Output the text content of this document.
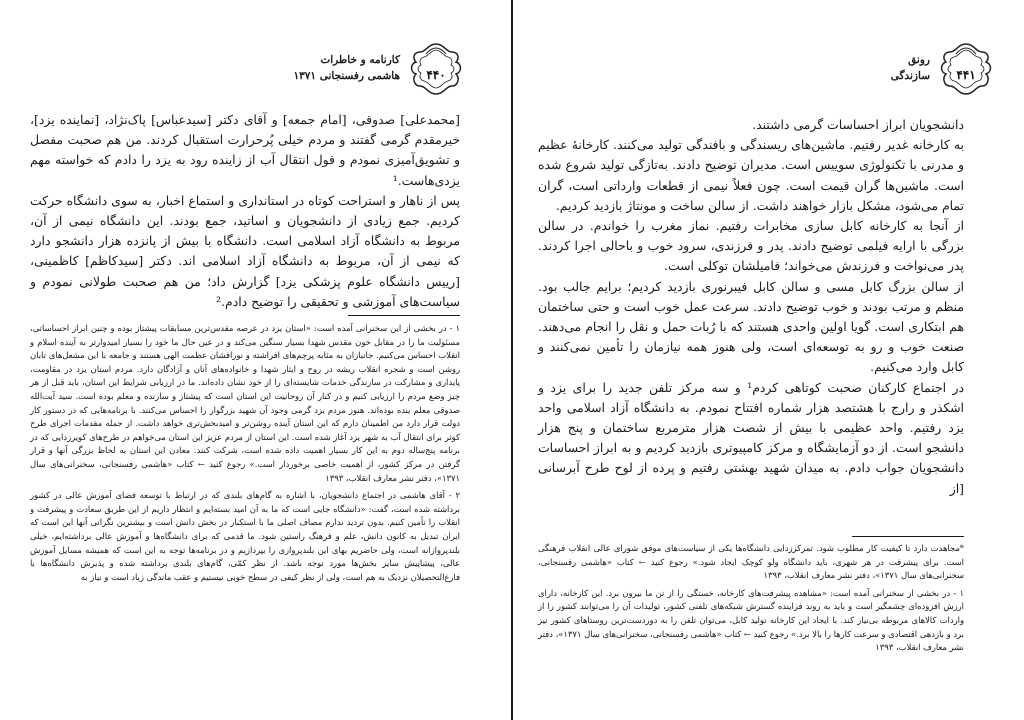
۴۴۰
کارنامه و خاطرات
هاشمی رفسنجانی ۱۳۷۱

[محمدعلی] صدوقی، [امام جمعه] و آقای دکتر [سیدعباس] پاک‌نژاد، [نماینده یزد]، خیرمقدم گرمی گفتند و مردم خیلی پُرحرارت استقبال کردند. من هم صحبت مفصل و تشویق‌آمیزی نمودم و قول انتقال آب از زاینده رود به یزد را دادم که خواسته مهم یزدی‌هاست.¹

پس از ناهار و استراحت کوتاه در استانداری و استماع اخبار، به سوی دانشگاه حرکت کردیم. جمع زیادی از دانشجویان و اساتید، جمع بودند. این دانشگاه نیمی از آن، مربوط به دانشگاه آزاد اسلامی است. دانشگاه با بیش از پانزده هزار دانشجو دارد که نیمی از آن، مربوط به دانشگاه آزاد اسلامی اند. دکتر [سیدکاظم] کاظمینی، [رییس دانشگاه علوم پزشکی یزد] گزارش داد؛ من هم صحبت طولانی نمودم و سیاست‌های آموزشی و تحقیقی را توضیح دادم.²

۱ - در بخشی از این سخنرانی آمده است: «استان یزد در عرصه مقدس‌ترین مسابقات پیشتاز بوده و چنین ابراز احساساتی، مسئولیت ما را در مقابل خون مقدس شهدا بسیار سنگین می‌کند و در عین حال ما خود را بسیار امیدوارتر به آینده اسلام و انقلاب احساس می‌کنیم. جانبازان به مثابه پرچم‌های افراشته و نورافشان عظمت الهی هستند و جامعه با این مشعل‌های تابان روشن است و شجره انقلاب ریشه در روح و ایثار شهدا و خانواده‌های آنان و آزادگان دارد. مردم استان یزد در مقاومت، پایداری و مشارکت در سازندگی خدمات شایسته‌ای را از خود نشان داده‌اند. ما در ارزیابی شرایط این استان، باید قبل از هر چیز وضع مردم را ارزیابی کنیم و در کنار آن روحانیت این استان است که پیشتاز و سازنده و معلم بوده است. سید آیت‌الله صدوقی معلم بنده بوده‌اند. هنوز مردم یزد گرمی وجود آن شهید بزرگوار را احساس می‌کنند. با برنامه‌هایی که در دستور کار دولت قرار دارد من اطمینان دارم که این استان آینده روشن‌تر و امیدبخش‌تری خواهد داشت. از جمله مقدمات اجرای طرح کوثر برای انتقال آب به شهر یزد آغاز شده است. این استان از مردم عزیز این استان می‌خواهم در طرح‌های کویرزدایی که در برنامه پنج‌ساله دوم به این کار بسیار اهمیت داده شده است، شرکت کنند. معادن این استان به لحاظ بزرگی آنها و قرار گرفتن در مرکز کشور، از اهمیت خاصی برخوردار است.» رجوع کنید ← کتاب «هاشمی رفسنجانی، سخنرانی‌های سال ۱۳۷۱»، دفتر نشر معارف انقلاب، ۱۳۹۳

۲ - آقای هاشمی در اجتماع دانشجویان، با اشاره به گام‌های بلندی که در ارتباط با توسعه فضای آموزش عالی در کشور برداشته شده است، گفت: «دانشگاه جایی است که ما به آن امید بسته‌ایم و انتظار داریم از این طریق سعادت و پیشرفت و انقلاب را تأمین کنیم. بدون تردید ندارم مصاف اصلی ما با استکبار در بخش دانش است و بیشترین نگرانی آنها این است که ایران تبدیل به کانون دانش، علم و فرهنگ راستین شود. ما قدمی که برای دانشگاه‌ها و آموزش عالی برداشته‌ایم، خیلی بلندپروازانه است، ولی حاضریم بهای این بلندپروازی را بپردازیم و در برنامه‌ها توجه به این است که همیشه مسایل آموزش عالی، پیشاپیش سایر بخش‌ها مورد توجه باشد. از نظر کمّی، گام‌های بلندی برداشته شده و پذیرش دانشگاه‌ها با فارغ‌التحصیلان نزدیک به هم است، ولی از نظر کیفی در سطح خوبی نیستیم و عقب ماندگی زیاد است و نیاز به

۴۴۱
رونق
سازندگی

دانشجویان ابراز احساسات گرمی داشتند.

به کارخانه غدیر رفتیم. ماشین‌های ریسندگی و بافندگی تولید می‌کنند. کارخانهٔ عظیم و مدرنی با تکنولوژی سوییس است. مدیران توضیح دادند. به‌تازگی تولید شروع شده است. ماشین‌ها گران قیمت است. چون فعلاً نیمی از قطعات وارداتی است، گران تمام می‌شود، مشکل بازار خواهند داشت. از سالن ساخت و مونتاژ بازدید کردیم.

از آنجا به کارخانه کابل سازی مخابرات رفتیم. نماز مغرب را خواندم. در سالن بزرگی با ارایه فیلمی توضیح دادند. پدر و فرزندی، سرود خوب و باحالی اجرا کردند. پدر می‌نواخت و فرزندش می‌خواند؛ فامیلشان توکلی است.

از سالن بزرگ کابل مسی و سالن کابل فیبرنوری بازدید کردیم؛ برایم جالب بود. منظم و مرتب بودند و خوب توضیح دادند. سرعت عمل خوب است و حتی ساختمان هم ابتکاری است. گویا اولین واحدی هستند که با رُبات حمل و نقل را انجام می‌دهند. صنعت خوب و رو به توسعه‌ای است، ولی هنوز همه نیازمان را تأمین نمی‌کنند و کابل وارد می‌کنیم.

در اجتماع کارکنان صحبت کوتاهی کردم¹ و سه مرکز تلفن جدید را برای یزد و اشکذر و رارج با هشتصد هزار شماره افتتاح نمودم. به دانشگاه آزاد اسلامی واحد یزد رفتیم. واحد عظیمی با بیش از شصت هزار مترمربع ساختمان و پنج هزار دانشجو است. از دو آزمایشگاه و مرکز کامپیوتری بازدید کردیم و به ابراز احساسات دانشجویان جواب دادم. به میدان شهید بهشتی رفتیم و پرده از لوح طرح آبرسانی [از

*مجاهدت دارد تا کیفیت کار مطلوب شود. تمرکززدایی دانشگاه‌ها یکی از سیاست‌های موفق شورای عالی انقلاب فرهنگی است. برای پیشرفت در هر شهری، باید دانشگاه ولو کوچک ایجاد شود.» رجوع کنید ← کتاب «هاشمی رفسنجانی، سخنرانی‌های سال ۱۳۷۱»، دفتر نشر معارف انقلاب، ۱۳۹۳

۱ - در بخشی از سخنرانی آمده است: «مشاهده پیشرفت‌های کارخانه، خستگی را از تن ما بیرون برد. این کارخانه، دارای ارزش افزوده‌ای چشمگیر است و باید به روند فزاینده گسترش شبکه‌های تلفنی کشور، تولیدات آن را می‌توانند کشور را از واردات کالاهای مربوطه بی‌نیاز کند. با ایجاد این کارخانه تولید کابل، می‌توان تلفن را به دوردست‌ترین روستاهای کشور نیز برد و بازدهی اقتصادی و سرعت کارها را بالا برد.» رجوع کنید ← کتاب «هاشمی رفسنجانی، سخنرانی‌های سال ۱۳۷۱»، دفتر نشر معارف انقلاب، ۱۳۹۳
